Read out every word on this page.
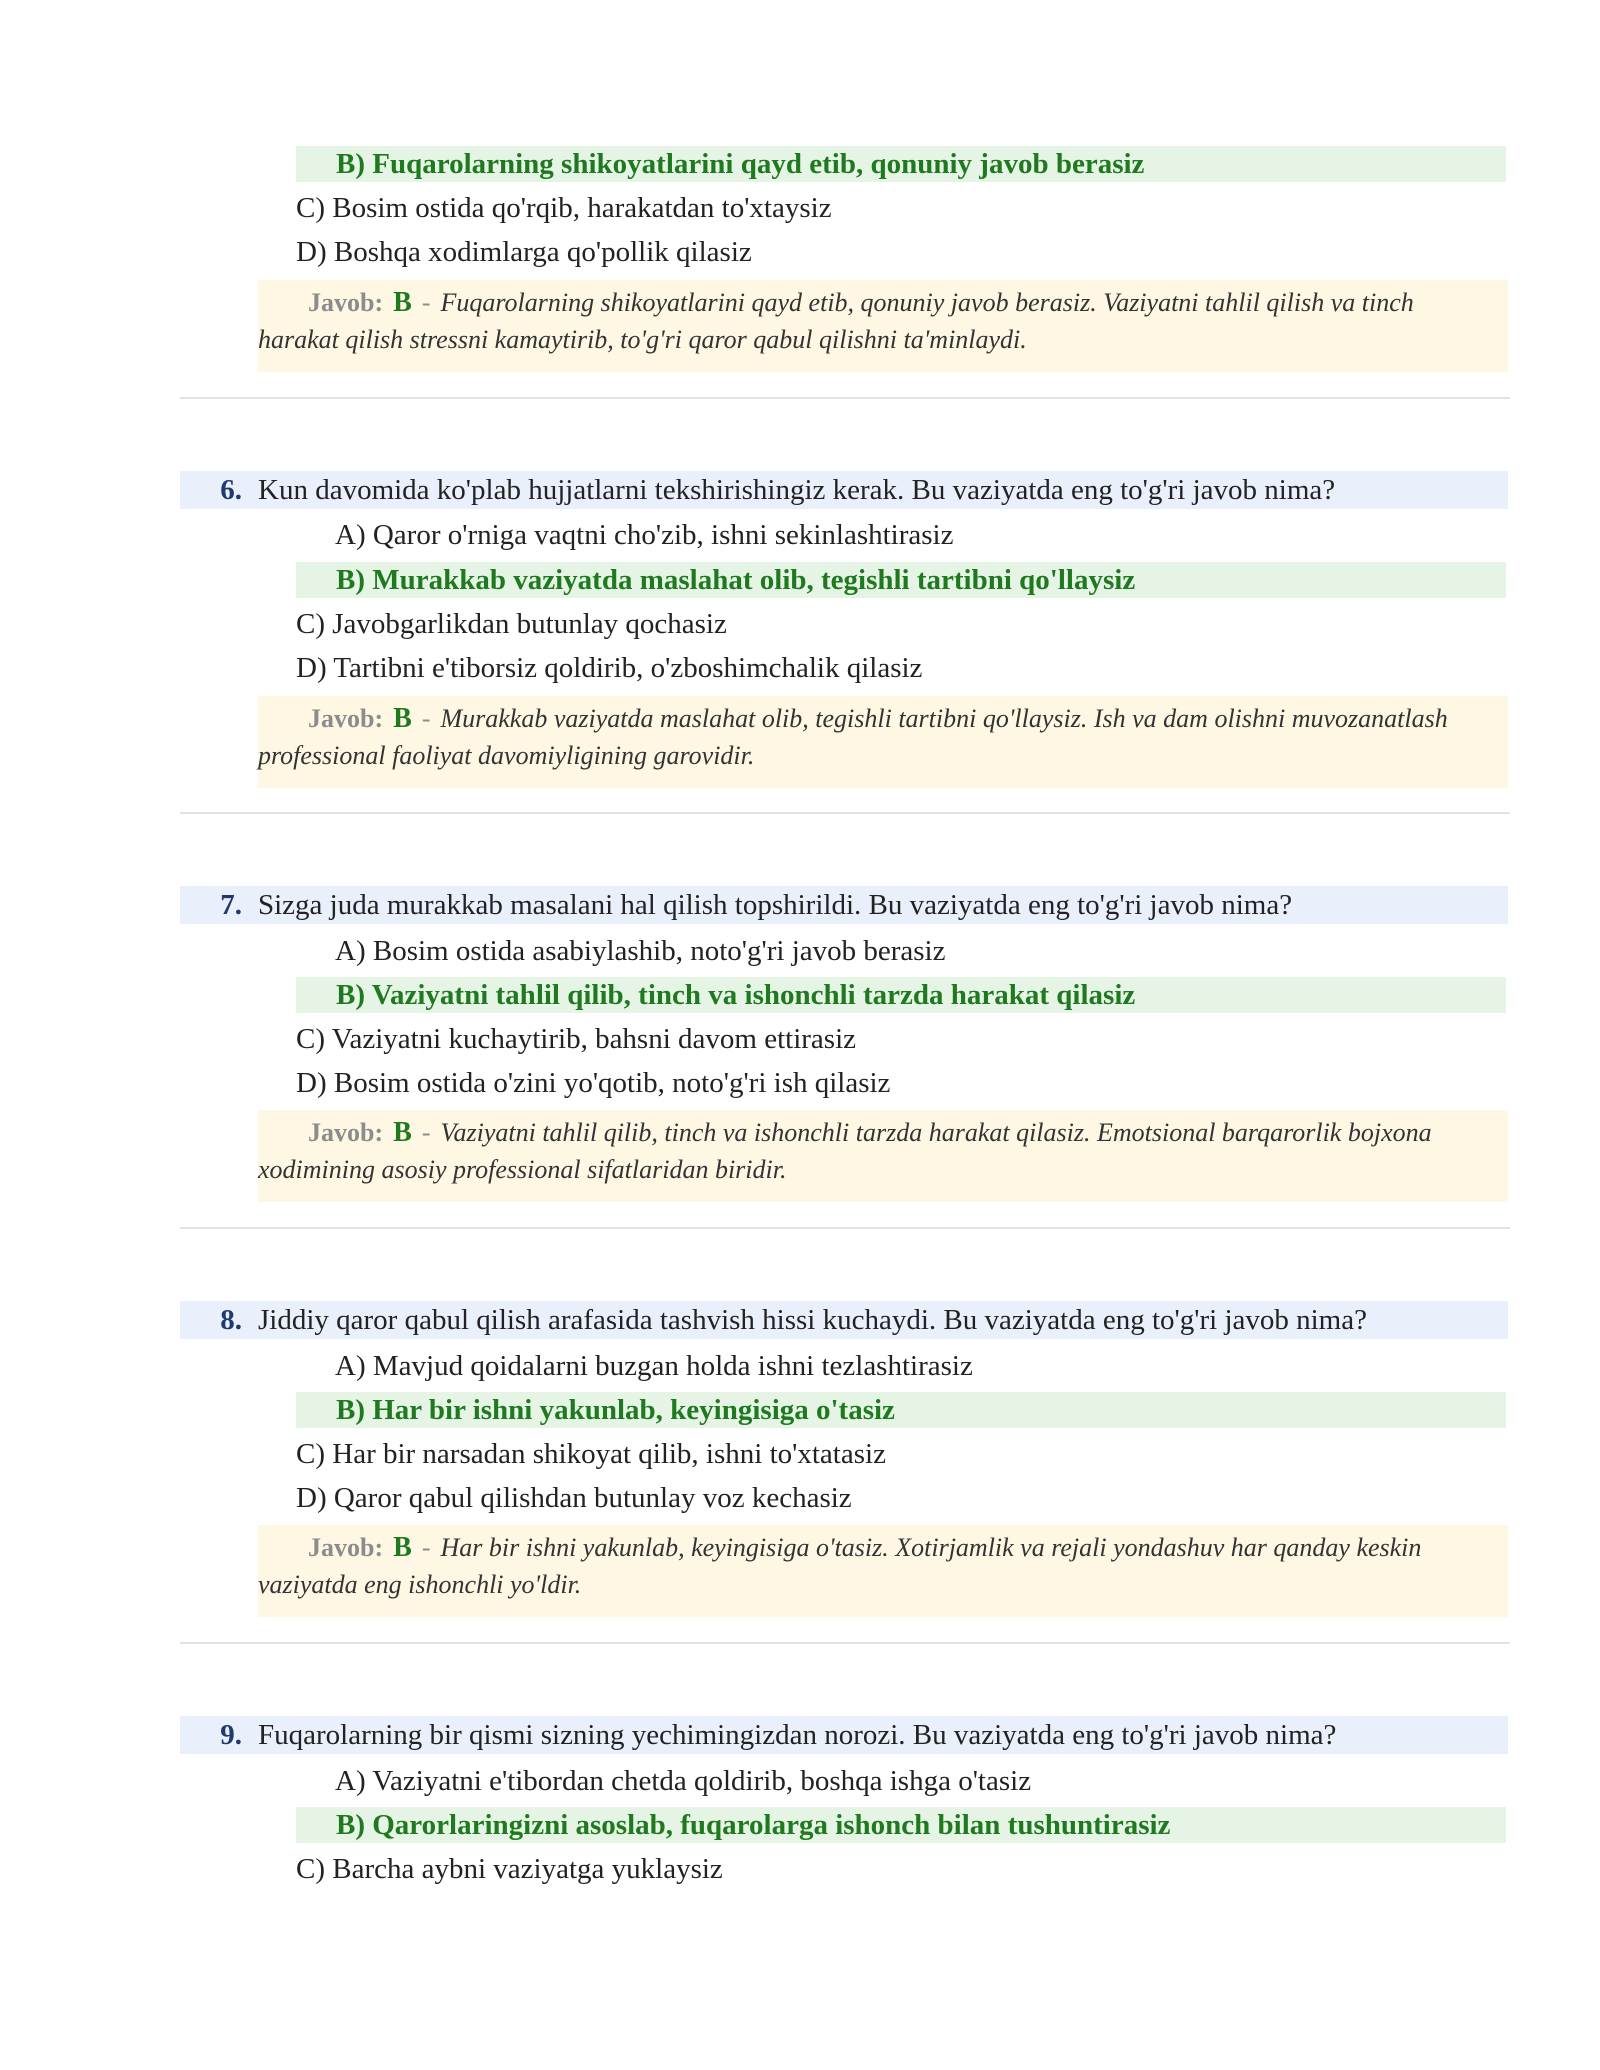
B) Fuqarolarning shikoyatlarini qayd etib, qonuniy javob berasiz
C) Bosim ostida qo'rqib, harakatdan to'xtaysiz
D) Boshqa xodimlarga qo'pollik qilasiz
Javob: B - Fuqarolarning shikoyatlarini qayd etib, qonuniy javob berasiz. Vaziyatni tahlil qilish va tinch harakat qilish stressni kamaytirib, to'g'ri qaror qabul qilishni ta'minlaydi.
6. Kun davomida ko'plab hujjatlarni tekshirishingiz kerak. Bu vaziyatda eng to'g'ri javob nima?
A) Qaror o'rniga vaqtni cho'zib, ishni sekinlashtirasiz
B) Murakkab vaziyatda maslahat olib, tegishli tartibni qo'llaysiz
C) Javobgarlikdan butunlay qochasiz
D) Tartibni e'tiborsiz qoldirib, o'zboshimchalik qilasiz
Javob: B - Murakkab vaziyatda maslahat olib, tegishli tartibni qo'llaysiz. Ish va dam olishni muvozanatlash professional faoliyat davomiyligining garovidir.
7. Sizga juda murakkab masalani hal qilish topshirildi. Bu vaziyatda eng to'g'ri javob nima?
A) Bosim ostida asabiylashib, noto'g'ri javob berasiz
B) Vaziyatni tahlil qilib, tinch va ishonchli tarzda harakat qilasiz
C) Vaziyatni kuchaytirib, bahsni davom ettirasiz
D) Bosim ostida o'zini yo'qotib, noto'g'ri ish qilasiz
Javob: B - Vaziyatni tahlil qilib, tinch va ishonchli tarzda harakat qilasiz. Emotsional barqarorlik bojxona xodimining asosiy professional sifatlaridan biridir.
8. Jiddiy qaror qabul qilish arafasida tashvish hissi kuchaydi. Bu vaziyatda eng to'g'ri javob nima?
A) Mavjud qoidalarni buzgan holda ishni tezlashtirasiz
B) Har bir ishni yakunlab, keyingisiga o'tasiz
C) Har bir narsadan shikoyat qilib, ishni to'xtatasiz
D) Qaror qabul qilishdan butunlay voz kechasiz
Javob: B - Har bir ishni yakunlab, keyingisiga o'tasiz. Xotirjamlik va rejali yondashuv har qanday keskin vaziyatda eng ishonchli yo'ldir.
9. Fuqarolarning bir qismi sizning yechimingizdan norozi. Bu vaziyatda eng to'g'ri javob nima?
A) Vaziyatni e'tibordan chetda qoldirib, boshqa ishga o'tasiz
B) Qarorlaringizni asoslab, fuqarolarga ishonch bilan tushuntirasiz
C) Barcha aybni vaziyatga yuklaysiz
